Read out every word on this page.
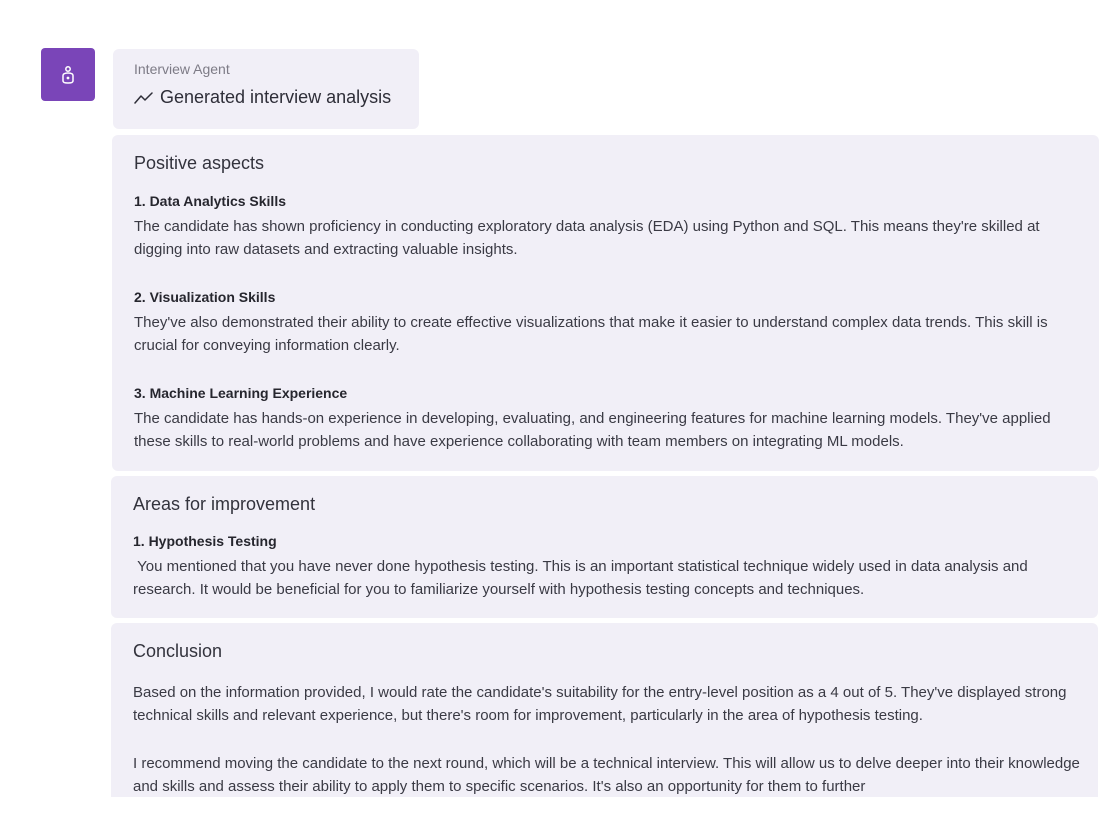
Interview Agent
Generated interview analysis
Positive aspects
1. Data Analytics Skills
The candidate has shown proficiency in conducting exploratory data analysis (EDA) using Python and SQL. This means they're skilled at digging into raw datasets and extracting valuable insights.
2. Visualization Skills
They've also demonstrated their ability to create effective visualizations that make it easier to understand complex data trends. This skill is crucial for conveying information clearly.
3. Machine Learning Experience
The candidate has hands-on experience in developing, evaluating, and engineering features for machine learning models. They've applied these skills to real-world problems and have experience collaborating with team members on integrating ML models.
Areas for improvement
1. Hypothesis Testing
You mentioned that you have never done hypothesis testing. This is an important statistical technique widely used in data analysis and research. It would be beneficial for you to familiarize yourself with hypothesis testing concepts and techniques.
Conclusion
Based on the information provided, I would rate the candidate's suitability for the entry-level position as a 4 out of 5. They've displayed strong technical skills and relevant experience, but there's room for improvement, particularly in the area of hypothesis testing.
I recommend moving the candidate to the next round, which will be a technical interview. This will allow us to delve deeper into their knowledge and skills and assess their ability to apply them to specific scenarios. It's also an opportunity for them to further
